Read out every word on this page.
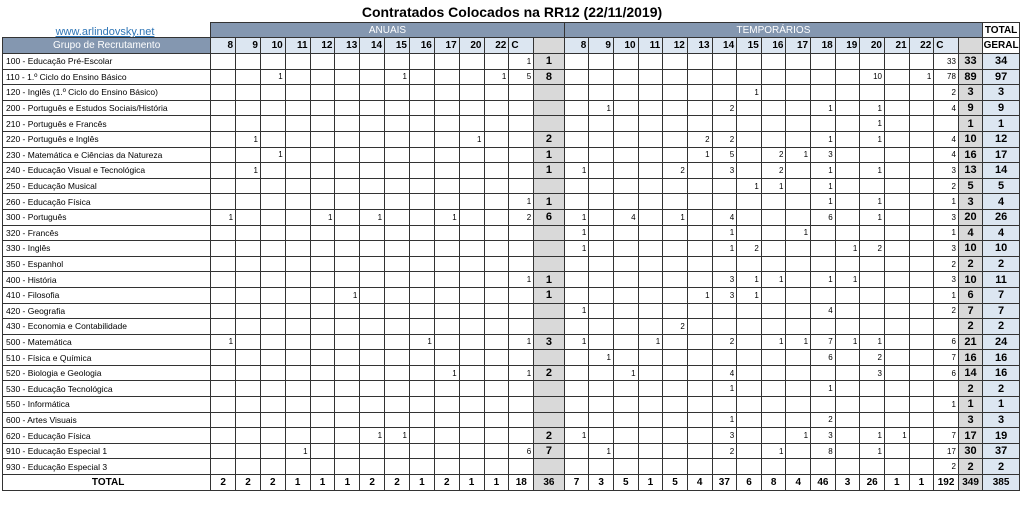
Contratados Colocados na RR12 (22/11/2019)
www.arlindovsky.net
		ANUAIS														TEMPORÁRIOS																	TOTAL
Grupo de Recrutamento	8	9	10	11	12	13	14	15	16	17	20	22	C		8	9	10	11	12	13	14	15	16	17	18	19	20	21	22	C		GERAL
100 - Educação Pré-Escolar													1	1																33	33	34
110 - 1.º Ciclo do Ensino Básico			1					1				1	5	8													10		1	78	89	97
120 - Inglês (1.º Ciclo do Ensino Básico)																						1								2	3	3
200 - Português e Estudos Sociais/História																1					2				1		1			4	9	9
210 - Português e Francês																											1				1	1
220 - Português e Inglês		1									1			2						2	2				1		1			4	10	12
230 - Matemática e Ciências da Natureza			1											1						1	5		2	1	3					4	16	17
240 - Educação Visual e Tecnológica		1												1	1				2		3		2		1		1			3	13	14
250 - Educação Musical																						1	1		1					2	5	5
260 - Educação Física													1	1											1		1			1	3	4
300 - Português	1				1		1			1			2	6	1		4		1		4				6		1			3	20	26
320 - Francês															1						1			1						1	4	4
330 - Inglês															1						1	2				1	2			3	10	10
350 - Espanhol																														2	2	2
400 - História													1	1							3	1	1		1	1				3	10	11
410 - Filosofia						1								1						1	3	1								1	6	7
420 - Geografia															1										4					2	7	7
430 - Economia e Contabilidade																			2												2	2
500 - Matemática	1								1				1	3	1			1			2		1	1	7	1	1			6	21	24
510 - Física e Química																1									6		2			7	16	16
520 - Biologia e Geologia										1			1	2			1				4						3			6	14	16
530 - Educação Tecnológica																					1				1						2	2
550 - Informática																														1	1	1
600 - Artes Visuais																					1				2						3	3
620 - Educação Física							1	1						2	1						3			1	3		1	1		7	17	19
910 - Educação Especial 1				1									6	7		1					2		1		8		1			17	30	37
930 - Educação Especial 3																														2	2	2
TOTAL	2	2	2	1	1	1	2	2	1	2	1	1	18	36	7	3	5	1	5	4	37	6	8	4	46	3	26	1	1	192	349	385
